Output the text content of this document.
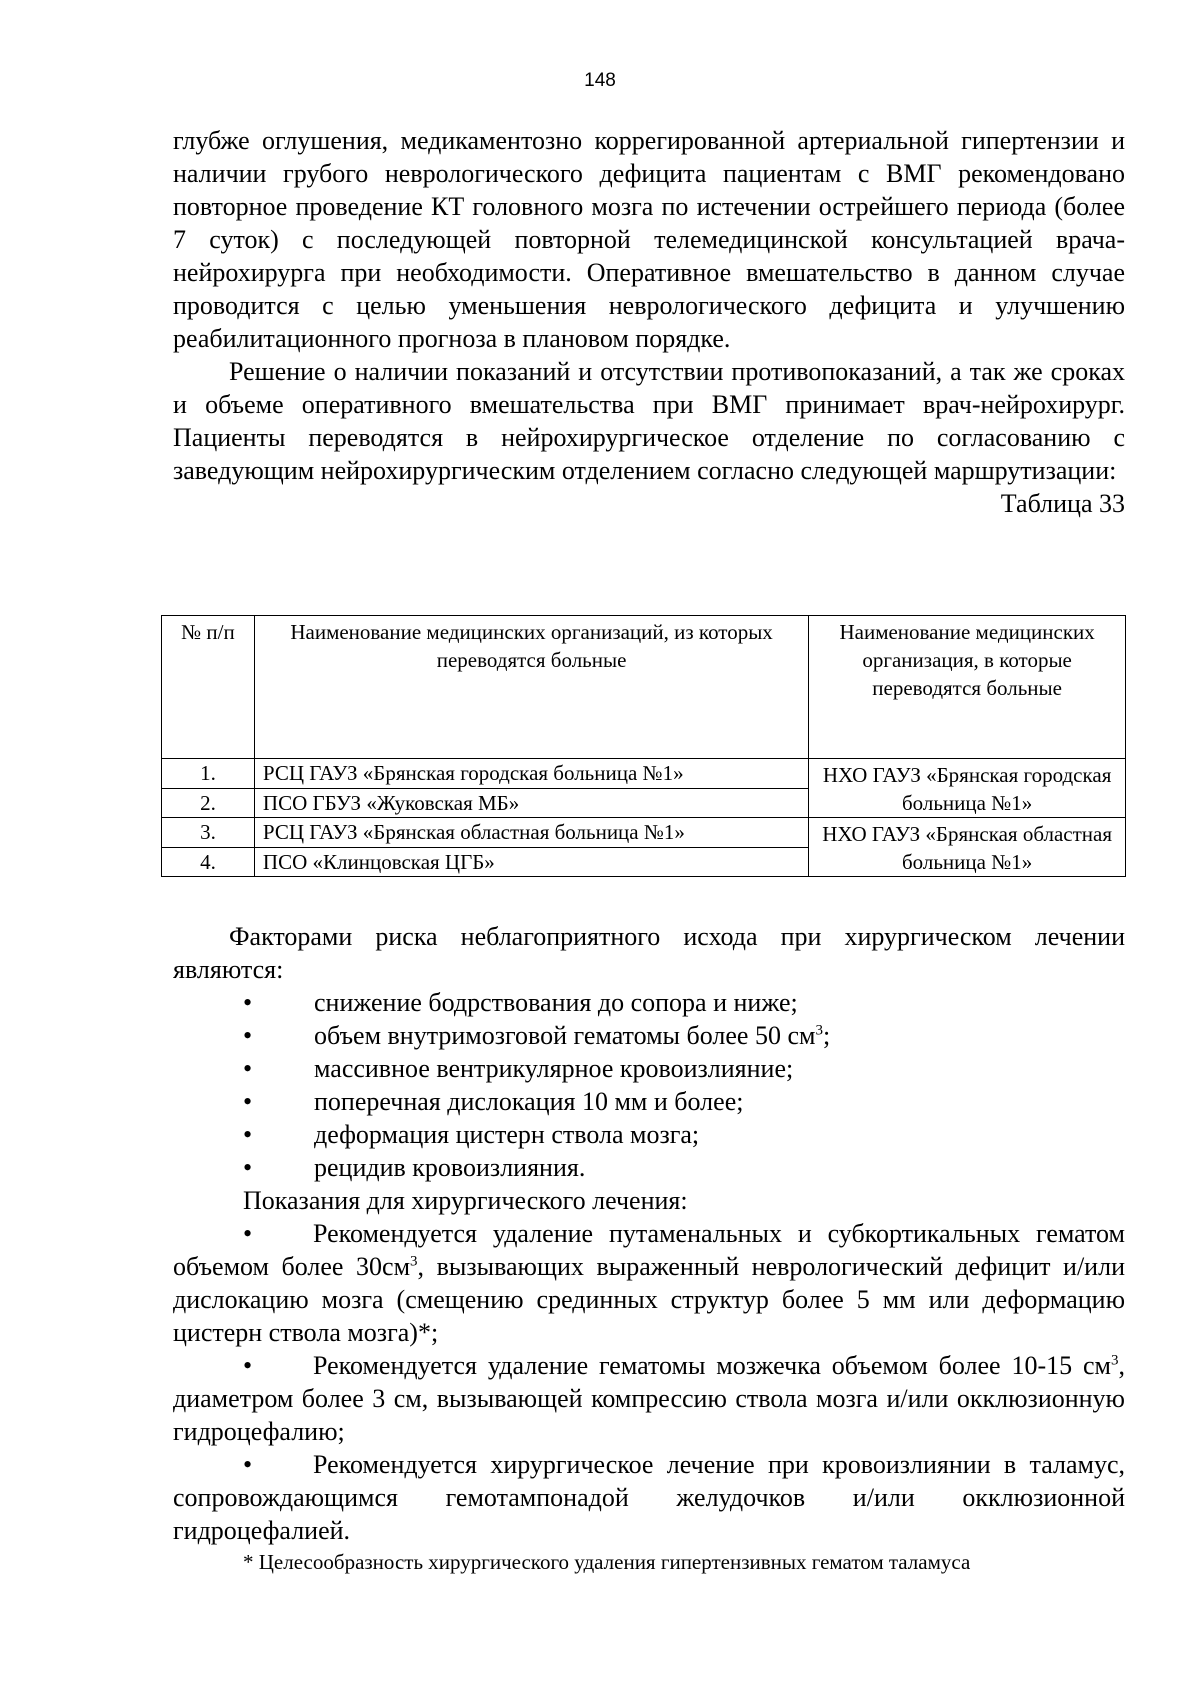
148

глубже оглушения, медикаментозно коррегированной артериальной гипертензии и наличии грубого неврологического дефицита пациентам с ВМГ рекомендовано повторное проведение КТ головного мозга по истечении острейшего периода (более 7 суток) с последующей повторной телемедицинской консультацией врача-нейрохирурга при необходимости. Оперативное вмешательство в данном случае проводится с целью уменьшения неврологического дефицита и улучшению реабилитационного прогноза в плановом порядке.

Решение о наличии показаний и отсутствии противопоказаний, а так же сроках и объеме оперативного вмешательства при ВМГ принимает врач-нейрохирург. Пациенты переводятся в нейрохирургическое отделение по согласованию с заведующим нейрохирургическим отделением согласно следующей маршрутизации:

Таблица 33

№ п/п	Наименование медицинских организаций, из которых переводятся больные	Наименование медицинских организация, в которые переводятся больные
1.	РСЦ ГАУЗ «Брянская городская больница №1»	НХО ГАУЗ «Брянская городская больница №1»
2.	ПСО ГБУЗ «Жуковская МБ»	
3.	РСЦ ГАУЗ «Брянская областная больница №1»	НХО ГАУЗ «Брянская областная больница №1»
4.	ПСО «Клинцовская ЦГБ»	

Факторами риска неблагоприятного исхода при хирургическом лечении являются:

• снижение бодрствования до сопора и ниже;
• объем внутримозговой гематомы более 50 $см^3$;
• массивное вентрикулярное кровоизлияние;
• поперечная дислокация 10 мм и более;
• деформация цистерн ствола мозга;
• рецидив кровоизлияния.

Показания для хирургического лечения:

• Рекомендуется удаление путаменальных и субкортикальных гематом объемом более $30см^3$, вызывающих выраженный неврологический дефицит и/или дислокацию мозга (смещению срединных структур более 5 мм или деформацию цистерн ствола мозга)*;

• Рекомендуется удаление гематомы мозжечка объемом более 10-15 $см^3$, диаметром более 3 см, вызывающей компрессию ствола мозга и/или окклюзионную гидроцефалию;

• Рекомендуется хирургическое лечение при кровоизлиянии в таламус, сопровождающимся гемотампонадой желудочков и/или окклюзионной гидроцефалией.

* Целесообразность хирургического удаления гипертензивных гематом таламуса
